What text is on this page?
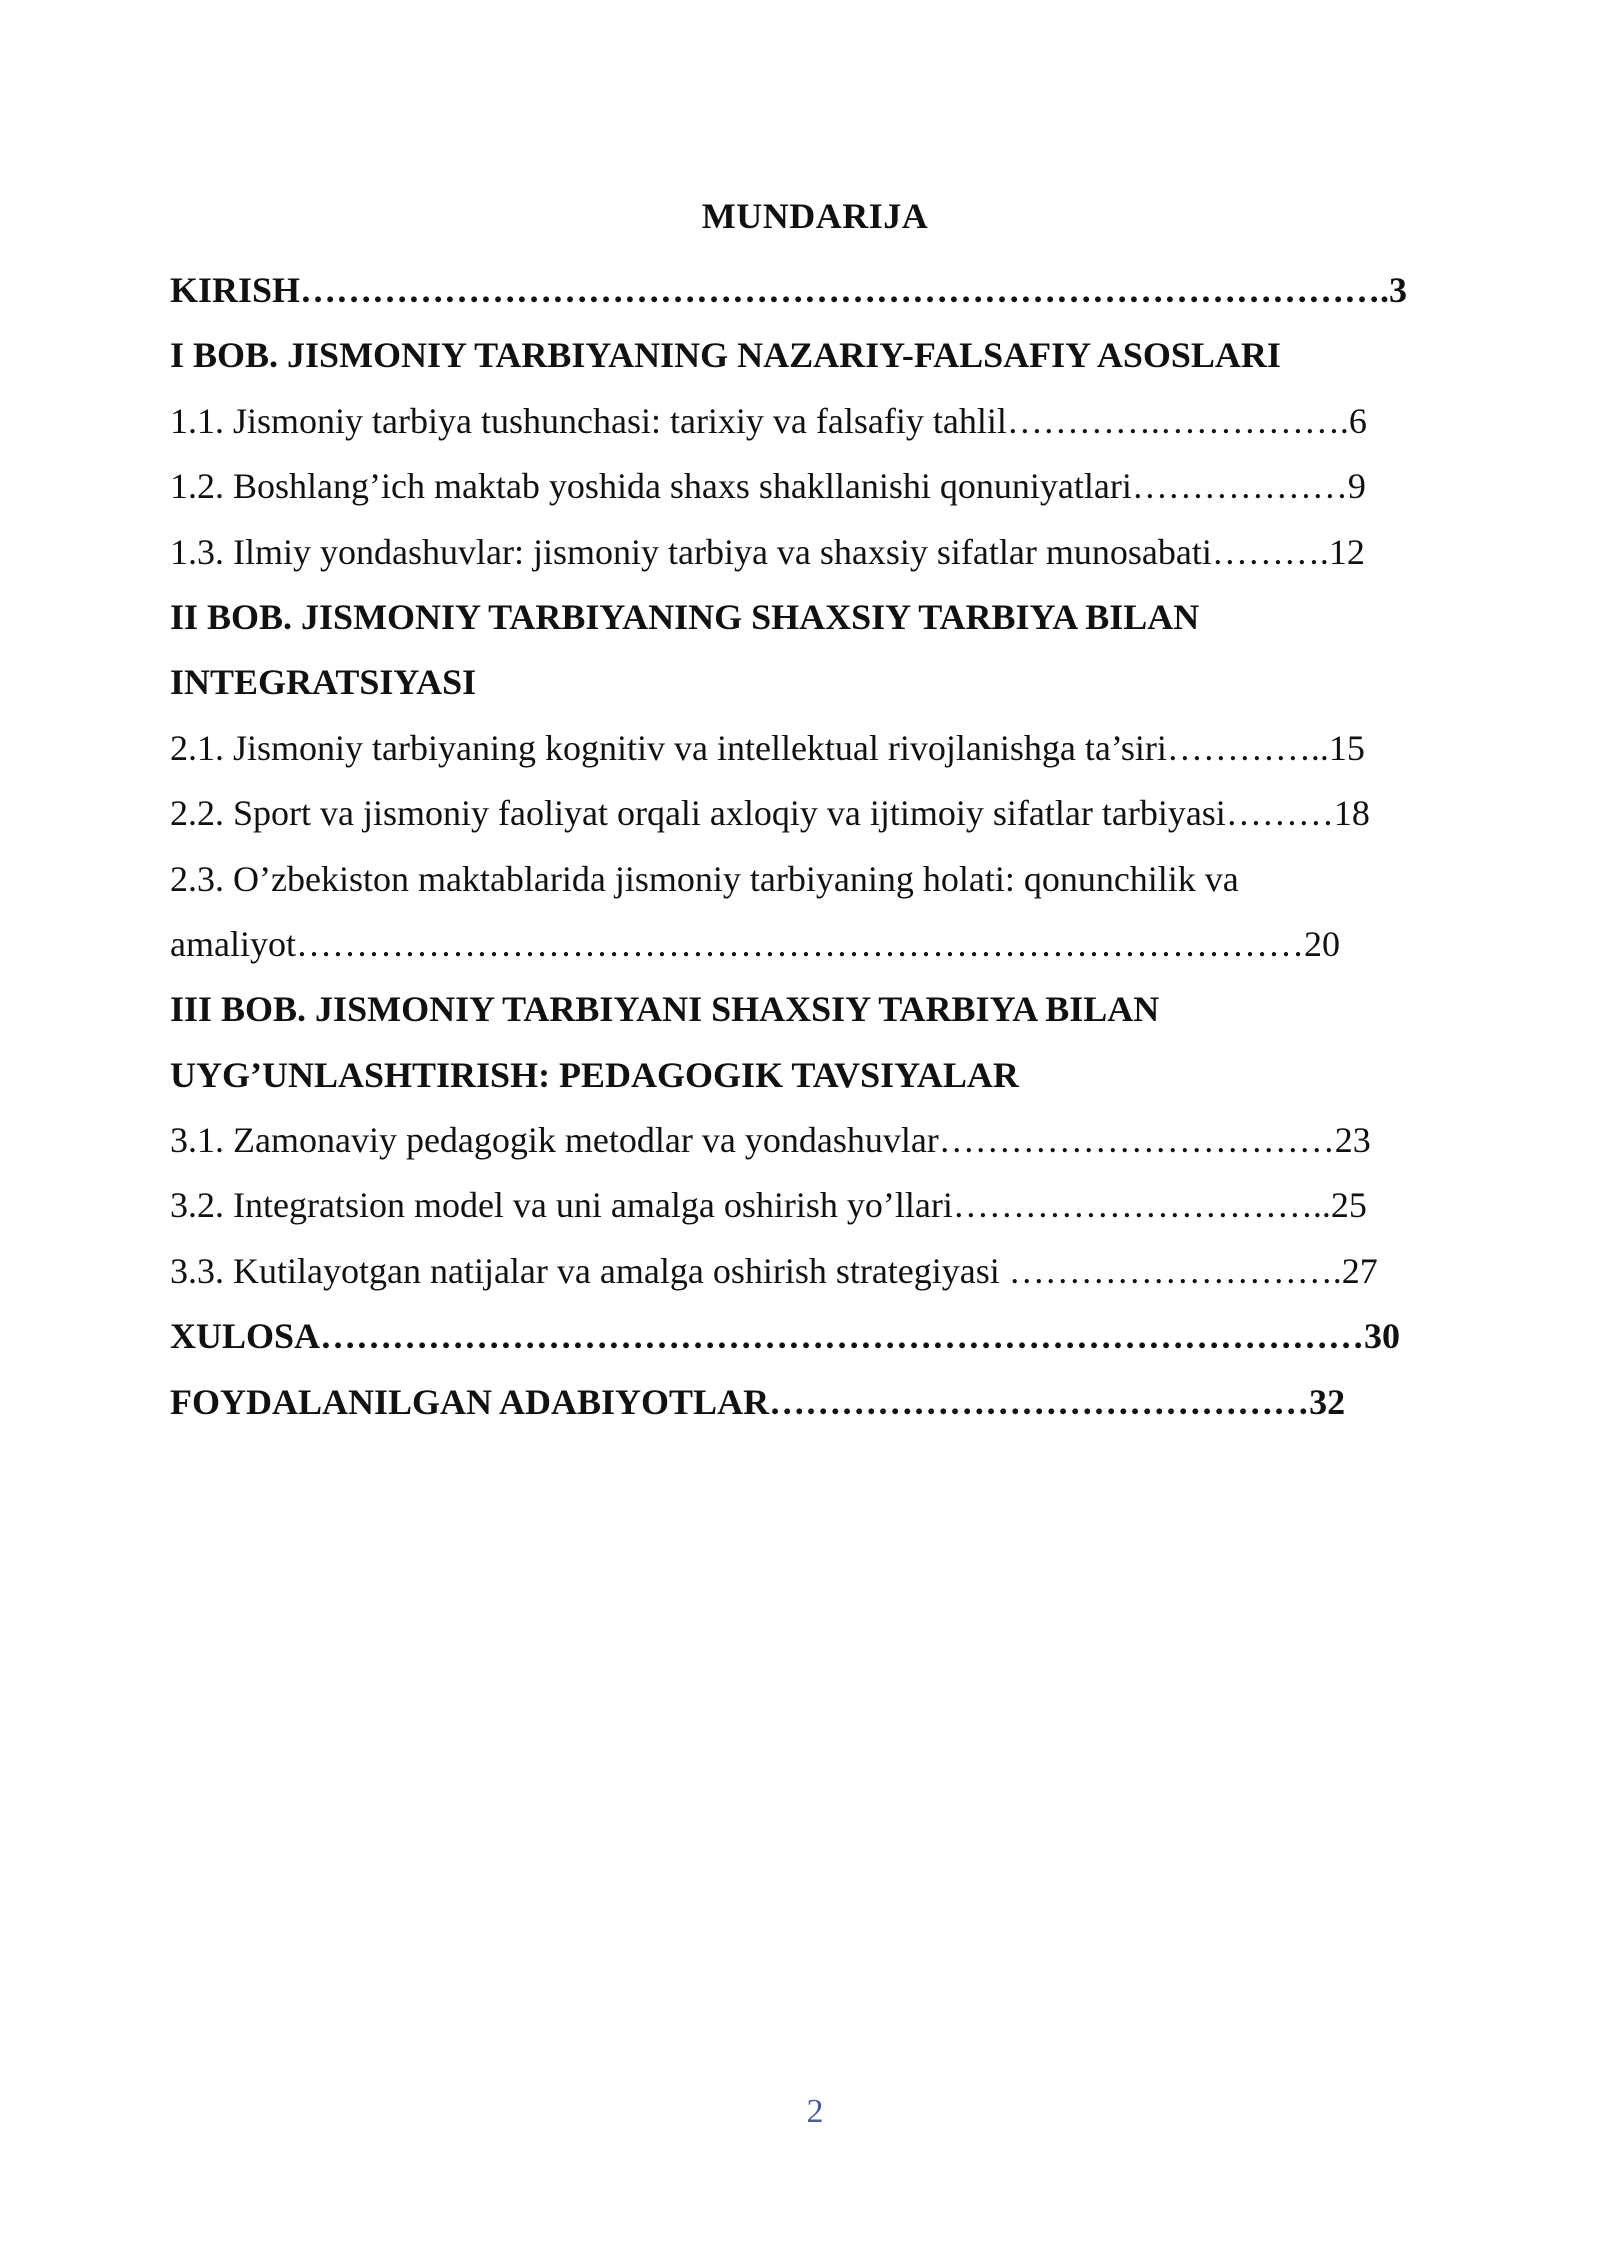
MUNDARIJA
KIRISH……………………………………………………………………………….3
I BOB. JISMONIY TARBIYANING NAZARIY-FALSAFIY ASOSLARI
1.1. Jismoniy tarbiya tushunchasi: tarixiy va falsafiy tahlil………….…………….6
1.2. Boshlang’ich maktab yoshida shaxs shakllanishi qonuniyatlari………………9
1.3. Ilmiy yondashuvlar: jismoniy tarbiya va shaxsiy sifatlar munosabati……….12
II BOB. JISMONIY TARBIYANING SHAXSIY TARBIYA BILAN
INTEGRATSIYASI
2.1. Jismoniy tarbiyaning kognitiv va intellektual rivojlanishga ta’siri…………..15
2.2. Sport va jismoniy faoliyat orqali axloqiy va ijtimoiy sifatlar tarbiyasi………18
2.3. O’zbekiston maktablarida jismoniy tarbiyaning holati: qonunchilik va
amaliyot…………………………………………………………………………20
III BOB. JISMONIY TARBIYANI SHAXSIY TARBIYA BILAN
UYG’UNLASHTIRISH: PEDAGOGIK TAVSIYALAR
3.1. Zamonaviy pedagogik metodlar va yondashuvlar……………………………23
3.2. Integratsion model va uni amalga oshirish yo’llari…………………………..25
3.3. Kutilayotgan natijalar va amalga oshirish strategiyasi ……………………….27
XULOSA……………………………………………………………………………30
FOYDALANILGAN ADABIYOTLAR………………………………………32
2
